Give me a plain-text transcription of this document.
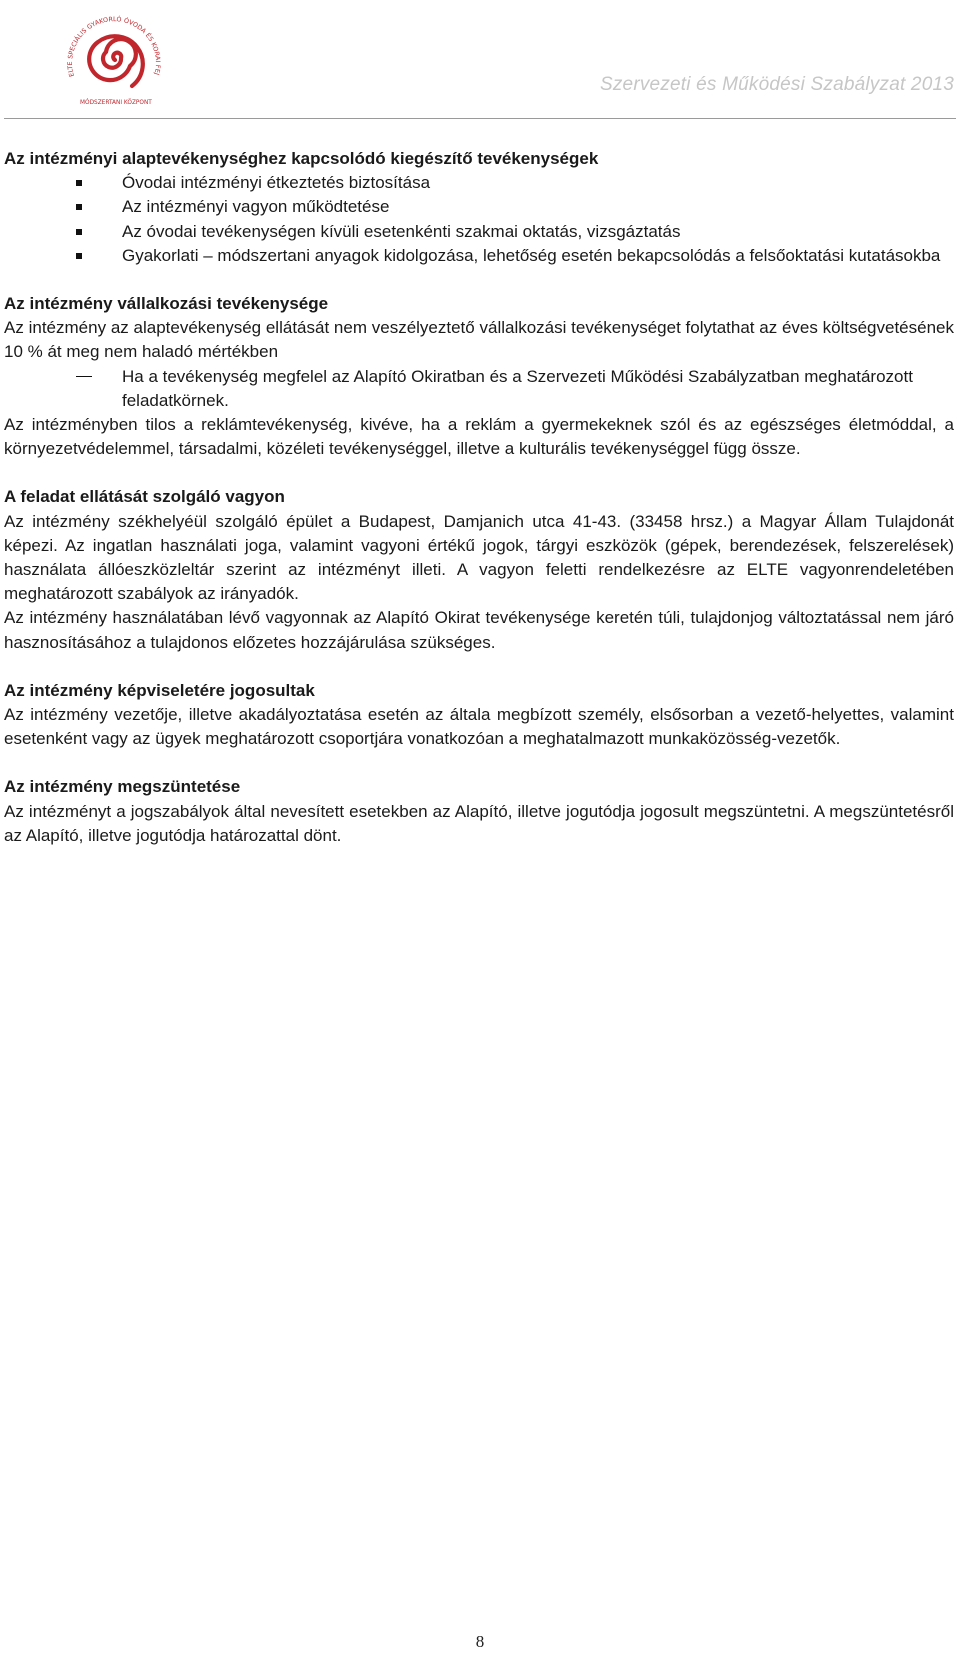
ELTE SPECIÁLIS GYAKORLÓ ÓVODA ÉS KORAI FEJ
MÓDSZERTANI KÖZPONT
Szervezeti és Működési Szabályzat 2013
Az intézményi alaptevékenységhez kapcsolódó kiegészítő tevékenységek
Óvodai intézményi étkeztetés biztosítása
Az intézményi vagyon működtetése
Az óvodai tevékenységen kívüli esetenkénti szakmai oktatás, vizsgáztatás
Gyakorlati – módszertani anyagok kidolgozása, lehetőség esetén bekapcsolódás a felsőoktatási kutatásokba
Az intézmény vállalkozási tevékenysége
Az intézmény az alaptevékenység ellátását nem veszélyeztető vállalkozási tevékenységet folytathat az éves költségvetésének 10 % át meg nem haladó mértékben
Ha a tevékenység megfelel az Alapító Okiratban és a Szervezeti Működési Szabályzatban meghatározott feladatkörnek.
Az intézményben tilos a reklámtevékenység, kivéve, ha a reklám a gyermekeknek szól és az egészséges életmóddal, a környezetvédelemmel, társadalmi, közéleti tevékenységgel, illetve a kulturális tevékenységgel függ össze.
A feladat ellátását szolgáló vagyon
Az intézmény székhelyéül szolgáló épület a Budapest, Damjanich utca 41-43. (33458 hrsz.) a Magyar Állam Tulajdonát képezi. Az ingatlan használati joga, valamint vagyoni értékű jogok, tárgyi eszközök (gépek, berendezések, felszerelések) használata állóeszközleltár szerint az intézményt illeti. A vagyon feletti rendelkezésre az ELTE vagyonrendeletében meghatározott szabályok az irányadók.
Az intézmény használatában lévő vagyonnak az Alapító Okirat tevékenysége keretén túli, tulajdonjog változtatással nem járó hasznosításához a tulajdonos előzetes hozzájárulása szükséges.
Az intézmény képviseletére jogosultak
Az intézmény vezetője, illetve akadályoztatása esetén az általa megbízott személy, elsősorban a vezető-helyettes, valamint esetenként vagy az ügyek meghatározott csoportjára vonatkozóan a meghatalmazott munkaközösség-vezetők.
Az intézmény megszüntetése
Az intézményt a jogszabályok által nevesített esetekben az Alapító, illetve jogutódja jogosult megszüntetni. A megszüntetésről az Alapító, illetve jogutódja határozattal dönt.
8
